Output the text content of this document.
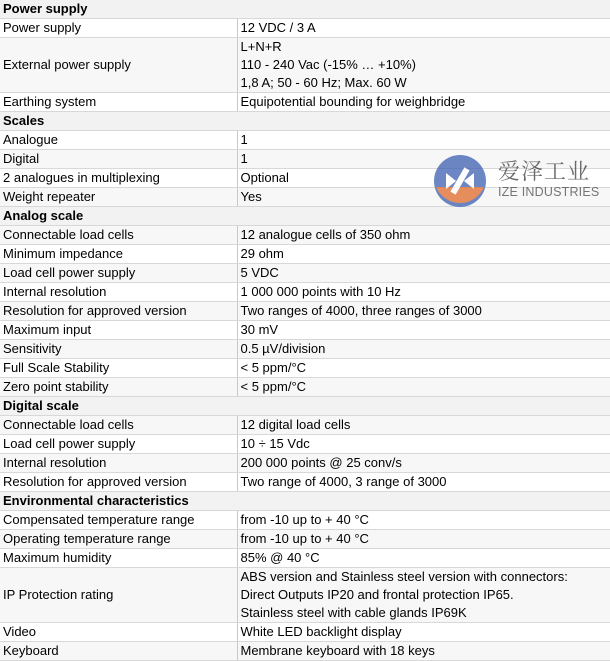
Power supply	
Power supply	12 VDC / 3 A

External power supply	L+N+R
110 - 240 Vac (-15% … +10%)
1,8 A; 50 - 60 Hz; Max. 60 W

Earthing system	Equipotential bounding for weighbridge

Scales	
Analogue	1

Digital	1

2 analogues in multiplexing	Optional

Weight repeater	Yes

Analog scale	
Connectable load cells	12 analogue cells of 350 ohm

Minimum impedance	29 ohm

Load cell power supply	5 VDC

Internal resolution	1 000 000 points with 10 Hz

Resolution for approved version	Two ranges of 4000, three ranges of 3000

Maximum input	30 mV

Sensitivity	0.5 µV/division

Full Scale Stability	< 5 ppm/°C

Zero point stability	< 5 ppm/°C

Digital scale	
Connectable load cells	12 digital load cells

Load cell power supply	10 ÷ 15 Vdc

Internal resolution	200 000 points @ 25 conv/s

Resolution for approved version	Two range of 4000, 3 range of 3000

Environmental characteristics	
Compensated temperature range	from -10 up to + 40 °C

Operating temperature range	from -10 up to + 40 °C

Maximum humidity	85% @ 40 °C

IP Protection rating	ABS version and Stainless steel version with connectors:
Direct Outputs IP20 and frontal protection IP65.
Stainless steel with cable glands IP69K

Video	White LED backlight display

Keyboard	Membrane keyboard with 18 keys
爱泽工业
IZE INDUSTRIES
